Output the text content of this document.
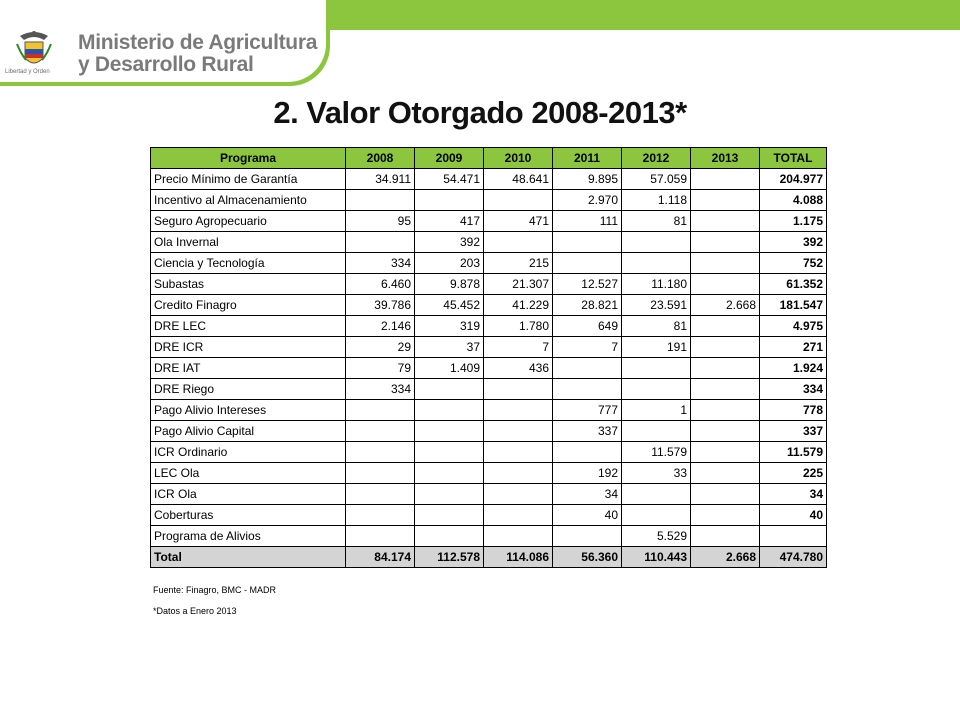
Libertad y Orden
Ministerio de Agricultura
y Desarrollo Rural
2. Valor Otorgado 2008-2013*
Programa	2008	2009	2010	2011	2012	2013	TOTAL
Precio Mínimo de Garantía	34.911	54.471	48.641	9.895	57.059		204.977
Incentivo al Almacenamiento				2.970	1.118		4.088
Seguro Agropecuario	95	417	471	111	81		1.175
Ola Invernal		392					392
Ciencia y Tecnología	334	203	215				752
Subastas	6.460	9.878	21.307	12.527	11.180		61.352
Credito Finagro	39.786	45.452	41.229	28.821	23.591	2.668	181.547
DRE LEC	2.146	319	1.780	649	81		4.975
DRE ICR	29	37	7	7	191		271
DRE IAT	79	1.409	436				1.924
DRE Riego	334						334
Pago Alivio Intereses				777	1		778
Pago Alivio Capital				337			337
ICR Ordinario					11.579		11.579
LEC Ola				192	33		225
ICR Ola				34			34
Coberturas				40			40
Programa de Alivios					5.529		
Total	84.174	112.578	114.086	56.360	110.443	2.668	474.780
Fuente: Finagro, BMC - MADR
*Datos a Enero 2013
